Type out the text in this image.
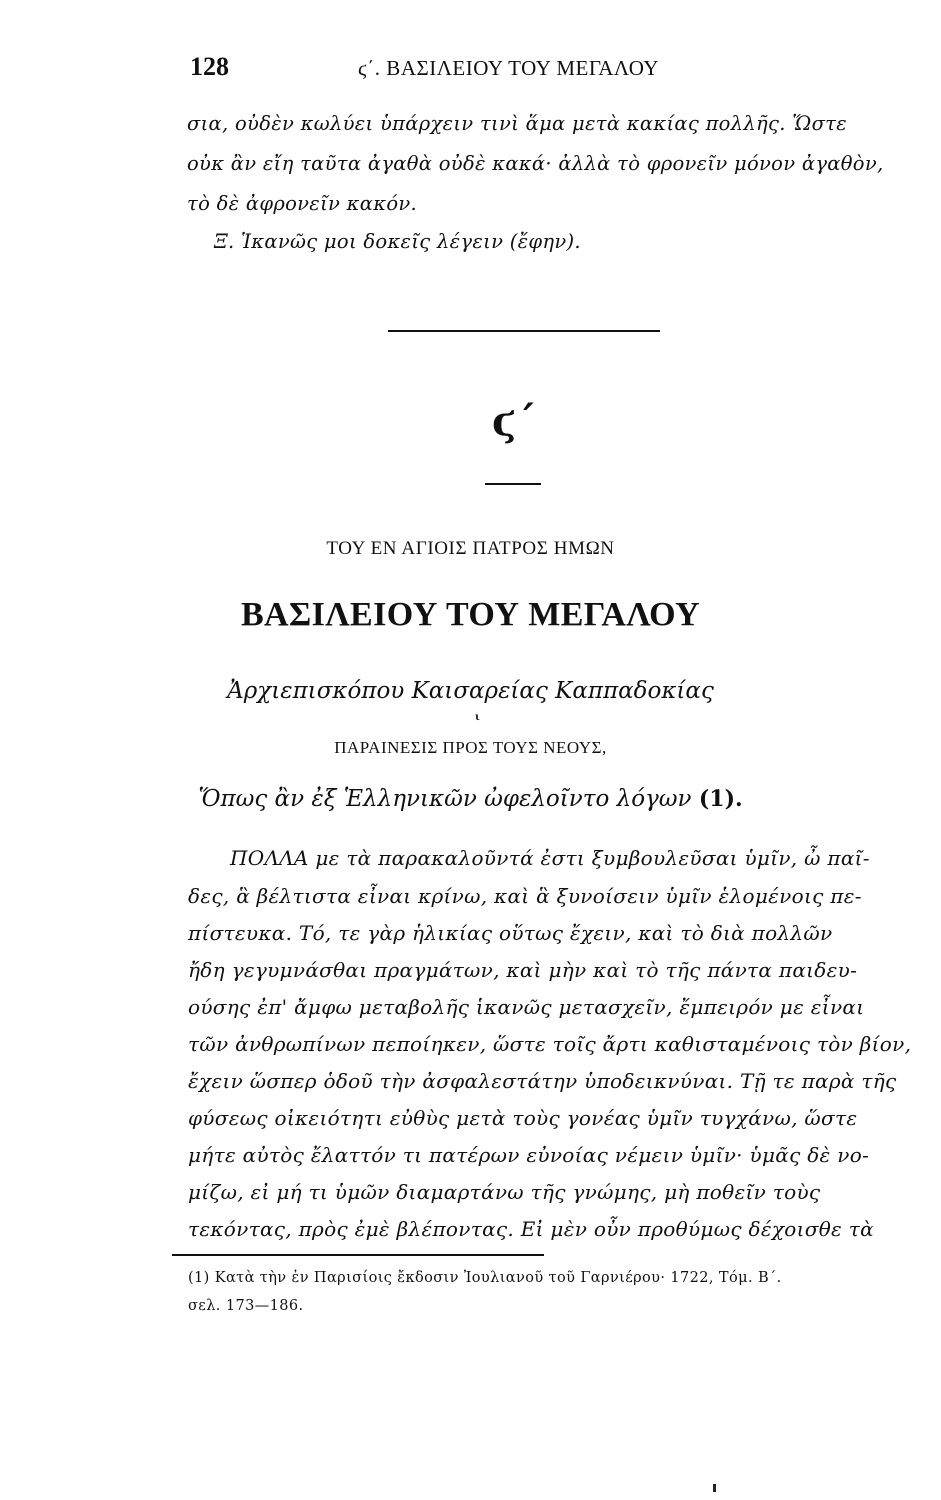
128	ϛ΄. ΒΑΣΙΛΕΙΟΥ ΤΟΥ ΜΕΓΑΛΟΥ
σια, οὐδὲν κωλύει ὑπάρχειν τινὶ ἅμα μετὰ κακίας πολλῆς. Ὥστε
οὐκ ἂν εἴη ταῦτα ἀγαθὰ οὐδὲ κακά· ἀλλὰ τὸ φρονεῖν μόνον ἀγαθὸν,
τὸ δὲ ἀφρονεῖν κακόν.
Ξ. Ἱκανῶς μοι δοκεῖς λέγειν (ἔφην).
ϛ΄
ΤΟΥ ΕΝ ΑΓΙΟΙΣ ΠΑΤΡΟΣ ΗΜΩΝ
ΒΑΣΙΛΕΙΟΥ ΤΟΥ ΜΕΓΑΛΟΥ
Ἀρχιεπισκόπου Καισαρείας Καππαδοκίας
ι
ΠΑΡΑΙΝΕΣΙΣ ΠΡΟΣ ΤΟΥΣ ΝΕΟΥΣ,
Ὅπως ἂν ἐξ Ἑλληνικῶν ὠφελοῖντο λόγων (1).
ΠΟΛΛΑ με τὰ παρακαλοῦντά ἐστι ξυμβουλεῦσαι ὑμῖν, ὦ παῖ-
δες, ἃ βέλτιστα εἶναι κρίνω, καὶ ἃ ξυνοίσειν ὑμῖν ἑλομένοις πε-
πίστευκα. Τό, τε γὰρ ἡλικίας οὕτως ἔχειν, καὶ τὸ διὰ πολλῶν
ἤδη γεγυμνάσθαι πραγμάτων, καὶ μὴν καὶ τὸ τῆς πάντα παιδευ-
ούσης ἐπ' ἄμφω μεταβολῆς ἱκανῶς μετασχεῖν, ἔμπειρόν με εἶναι
τῶν ἀνθρωπίνων πεποίηκεν, ὥστε τοῖς ἄρτι καθισταμένοις τὸν βίον,
ἔχειν ὥσπερ ὁδοῦ τὴν ἀσφαλεστάτην ὑποδεικνύναι. Τῇ τε παρὰ τῆς
φύσεως οἰκειότητι εὐθὺς μετὰ τοὺς γονέας ὑμῖν τυγχάνω, ὥστε
μήτε αὐτὸς ἔλαττόν τι πατέρων εὐνοίας νέμειν ὑμῖν· ὑμᾶς δὲ νο-
μίζω, εἰ μή τι ὑμῶν διαμαρτάνω τῆς γνώμης, μὴ ποθεῖν τοὺς
τεκόντας, πρὸς ἐμὲ βλέποντας. Εἰ μὲν οὖν προθύμως δέχοισθε τὰ
(1) Κατὰ τὴν ἐν Παρισίοις ἔκδοσιν Ἰουλιανοῦ τοῦ Γαρνιέρου· 1722, Τόμ. Β΄.
σελ. 173—186.
